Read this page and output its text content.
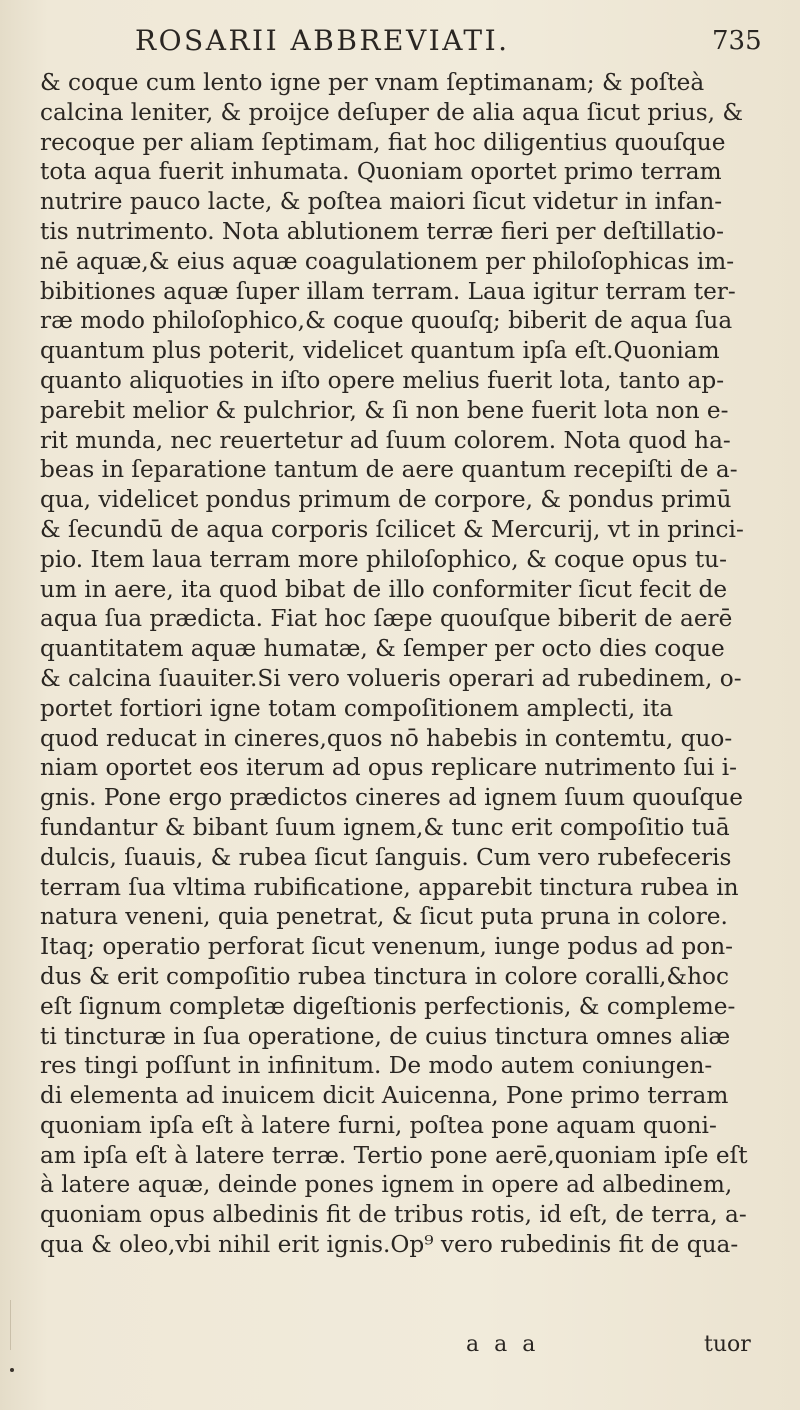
ROSARII ABBREVIATI.	735
& coque cum lento igne per vnam ſeptimanam; & poſteà
calcina leniter, & proijce deſuper de alia aqua ſicut prius, &
recoque per aliam ſeptimam, fiat hoc diligentius quouſque
tota aqua fuerit inhumata. Quoniam oportet primo terram
nutrire pauco lacte, & poſtea maiori ſicut videtur in infan-
tis nutrimento. Nota ablutionem terræ fieri per deſtillatio-
nē aquæ,& eius aquæ coagulationem per philoſophicas im-
bibitiones aquæ ſuper illam terram. Laua igitur terram ter-
ræ modo philoſophico,& coque quouſq; biberit de aqua ſua
quantum plus poterit, videlicet quantum ipſa eſt.Quoniam
quanto aliquoties in iſto opere melius fuerit lota, tanto ap-
parebit melior & pulchrior, & ſi non bene fuerit lota non e-
rit munda, nec reuertetur ad ſuum colorem. Nota quod ha-
beas in ſeparatione tantum de aere quantum recepiſti de a-
qua, videlicet pondus primum de corpore, & pondus primū
& ſecundū de aqua corporis ſcilicet & Mercurij, vt in princi-
pio. Item laua terram more philoſophico, & coque opus tu-
um in aere, ita quod bibat de illo conformiter ſicut fecit de
aqua ſua prædicta. Fiat hoc ſæpe quouſque biberit de aerē
quantitatem aquæ humatæ, & ſemper per octo dies coque
& calcina ſuauiter.Si vero volueris operari ad rubedinem, o-
portet fortiori igne totam compoſitionem amplecti, ita
quod reducat in cineres,quos nō habebis in contemtu, quo-
niam oportet eos iterum ad opus replicare nutrimento ſui i-
gnis. Pone ergo prædictos cineres ad ignem ſuum quouſque
fundantur & bibant ſuum ignem,& tunc erit compoſitio tuā
dulcis, ſuauis, & rubea ſicut ſanguis. Cum vero rubefeceris
terram ſua vltima rubificatione, apparebit tinctura rubea in
natura veneni, quia penetrat, & ſicut puta pruna in colore.
Itaq; operatio perforat ſicut venenum, iunge podus ad pon-
dus & erit compoſitio rubea tinctura in colore coralli,&hoc
eſt ſignum completæ digeſtionis perfectionis, & compleme-
ti tincturæ in ſua operatione, de cuius tinctura omnes aliæ
res tingi poſſunt in infinitum. De modo autem coniungen-
di elementa ad inuicem dicit Auicenna, Pone primo terram
quoniam ipſa eſt à latere furni, poſtea pone aquam quoni-
am ipſa eſt à latere terræ. Tertio pone aerē,quoniam ipſe eſt
à latere aquæ, deinde pones ignem in opere ad albedinem,
quoniam opus albedinis fit de tribus rotis, id eſt, de terra, a-
qua & oleo,vbi nihil erit ignis.Op⁹ vero rubedinis fit de qua-
a a a	tuor
